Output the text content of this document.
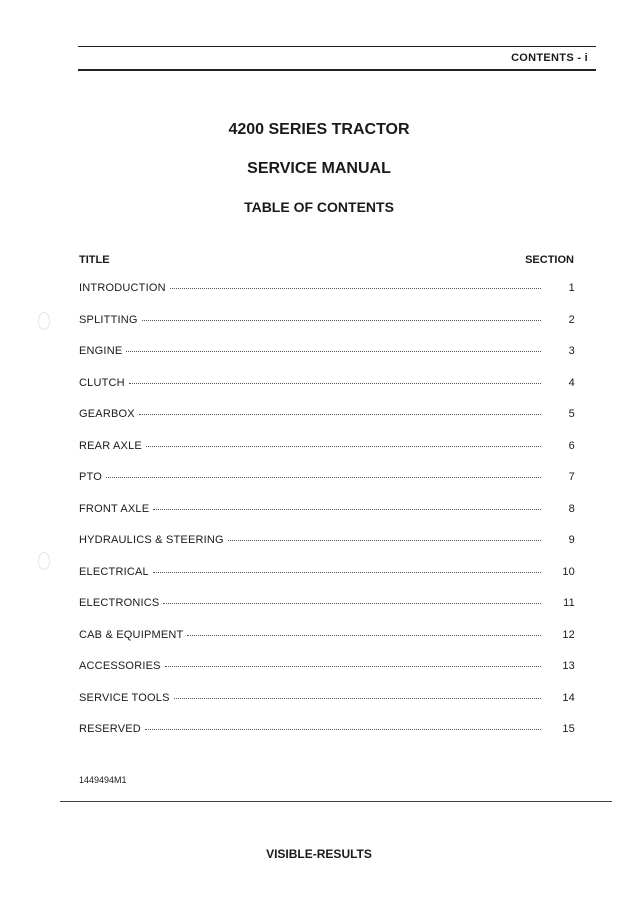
CONTENTS - i
4200 SERIES TRACTOR
SERVICE MANUAL
TABLE OF CONTENTS
TITLE	SECTION
INTRODUCTION	1
SPLITTING	2
ENGINE	3
CLUTCH	4
GEARBOX	5
REAR AXLE	6
PTO	7
FRONT AXLE	8
HYDRAULICS & STEERING	9
ELECTRICAL	10
ELECTRONICS	11
CAB & EQUIPMENT	12
ACCESSORIES	13
SERVICE TOOLS	14
RESERVED	15
1449494M1
VISIBLE-RESULTS
